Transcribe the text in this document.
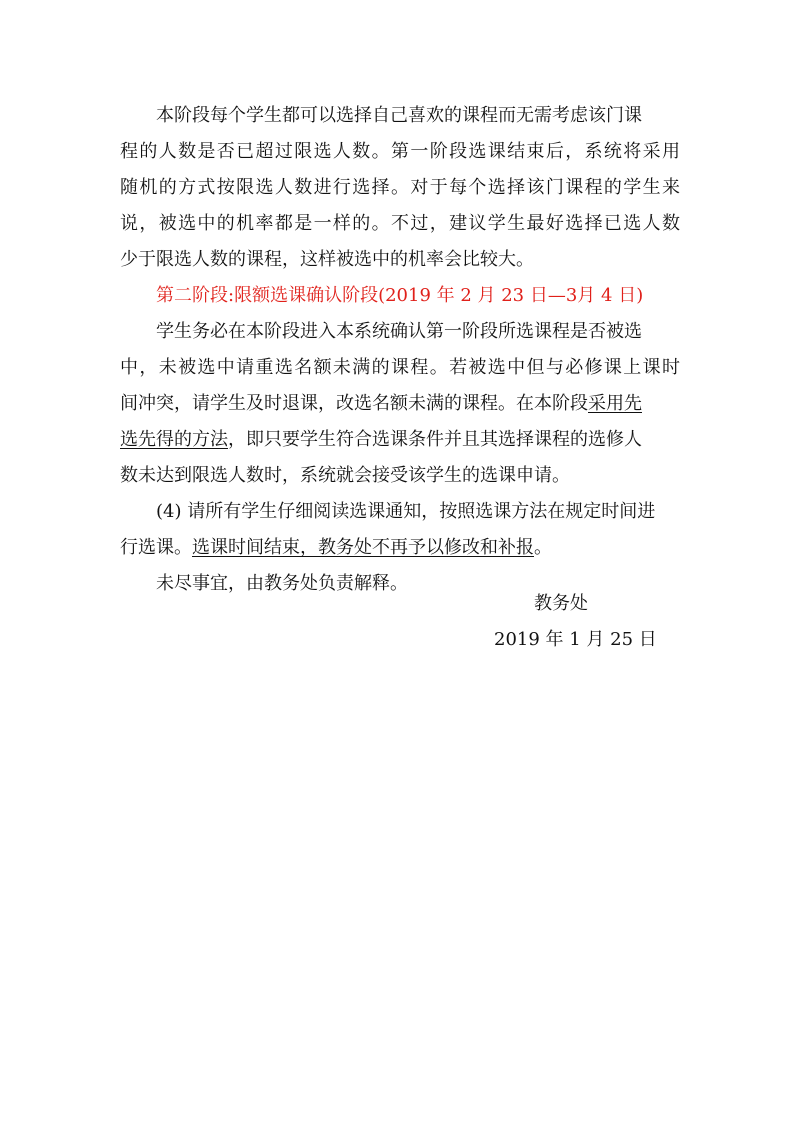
本阶段每个学生都可以选择自己喜欢的课程而无需考虑该门课
程的人数是否已超过限选人数。第一阶段选课结束后，系统将采用
随机的方式按限选人数进行选择。对于每个选择该门课程的学生来
说，被选中的机率都是一样的。不过，建议学生最好选择已选人数
少于限选人数的课程，这样被选中的机率会比较大。
第二阶段:限额选课确认阶段(2019 年 2 月 23 日—3月 4 日)
学生务必在本阶段进入本系统确认第一阶段所选课程是否被选
中，未被选中请重选名额未满的课程。若被选中但与必修课上课时
间冲突，请学生及时退课，改选名额未满的课程。在本阶段采用先
选先得的方法，即只要学生符合选课条件并且其选择课程的选修人
数未达到限选人数时，系统就会接受该学生的选课申请。
(4) 请所有学生仔细阅读选课通知，按照选课方法在规定时间进
行选课。选课时间结束，教务处不再予以修改和补报。
未尽事宜，由教务处负责解释。
教务处
2019 年 1 月 25 日
